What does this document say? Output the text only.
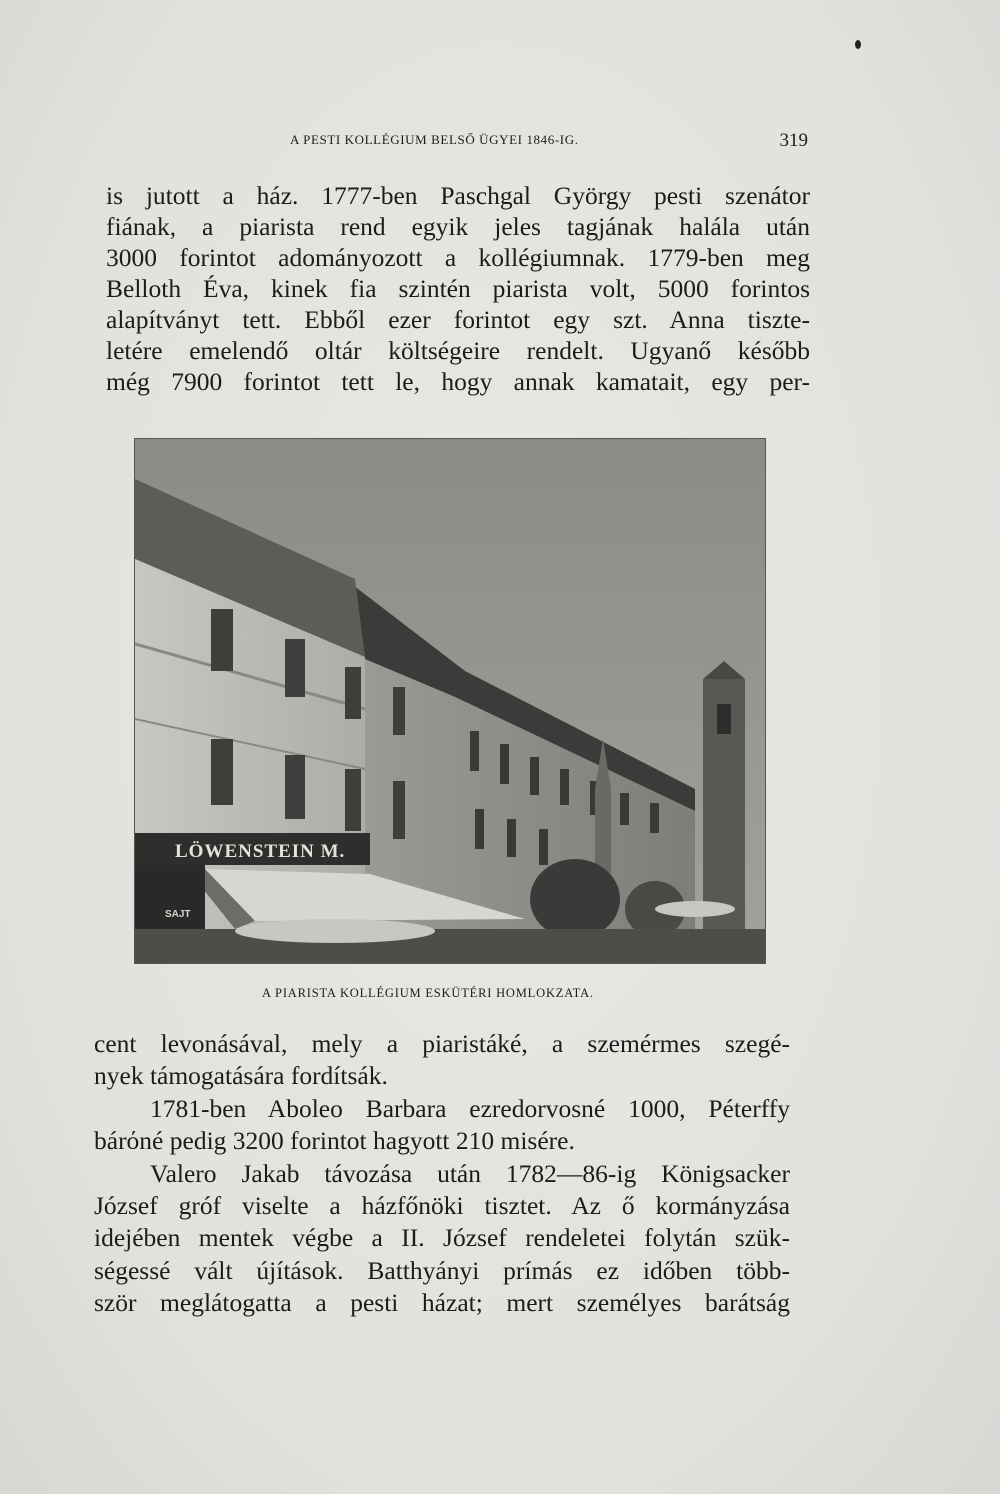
A PESTI KOLLÉGIUM BELSŐ ÜGYEI 1846-IG.	319
is jutott a ház. 1777-ben Paschgal György pesti szenátor
fiának, a piarista rend egyik jeles tagjának halála után
3000 forintot adományozott a kollégiumnak. 1779-ben meg
Belloth Éva, kinek fia szintén piarista volt, 5000 forintos
alapítványt tett. Ebből ezer forintot egy szt. Anna tiszte-
letére emelendő oltár költségeire rendelt. Ugyanő később
még 7900 forintot tett le, hogy annak kamatait, egy per-
LÖWENSTEIN M.
SAJT
A PIARISTA KOLLÉGIUM ESKÜTÉRI HOMLOKZATA.
cent levonásával, mely a piaristáké, a szemérmes szegé-
nyek támogatására fordítsák.
1781-ben Aboleo Barbara ezredorvosné 1000, Péterffy
bárόné pedig 3200 forintot hagyott 210 misére.
Valero Jakab távozása után 1782—86-ig Königsacker
József gróf viselte a házfőnöki tisztet. Az ő kormányzása
idejében mentek végbe a II. József rendeletei folytán szük-
ségessé vált újítások. Batthyányi prímás ez időben több-
ször meglátogatta a pesti házat; mert személyes barátság
